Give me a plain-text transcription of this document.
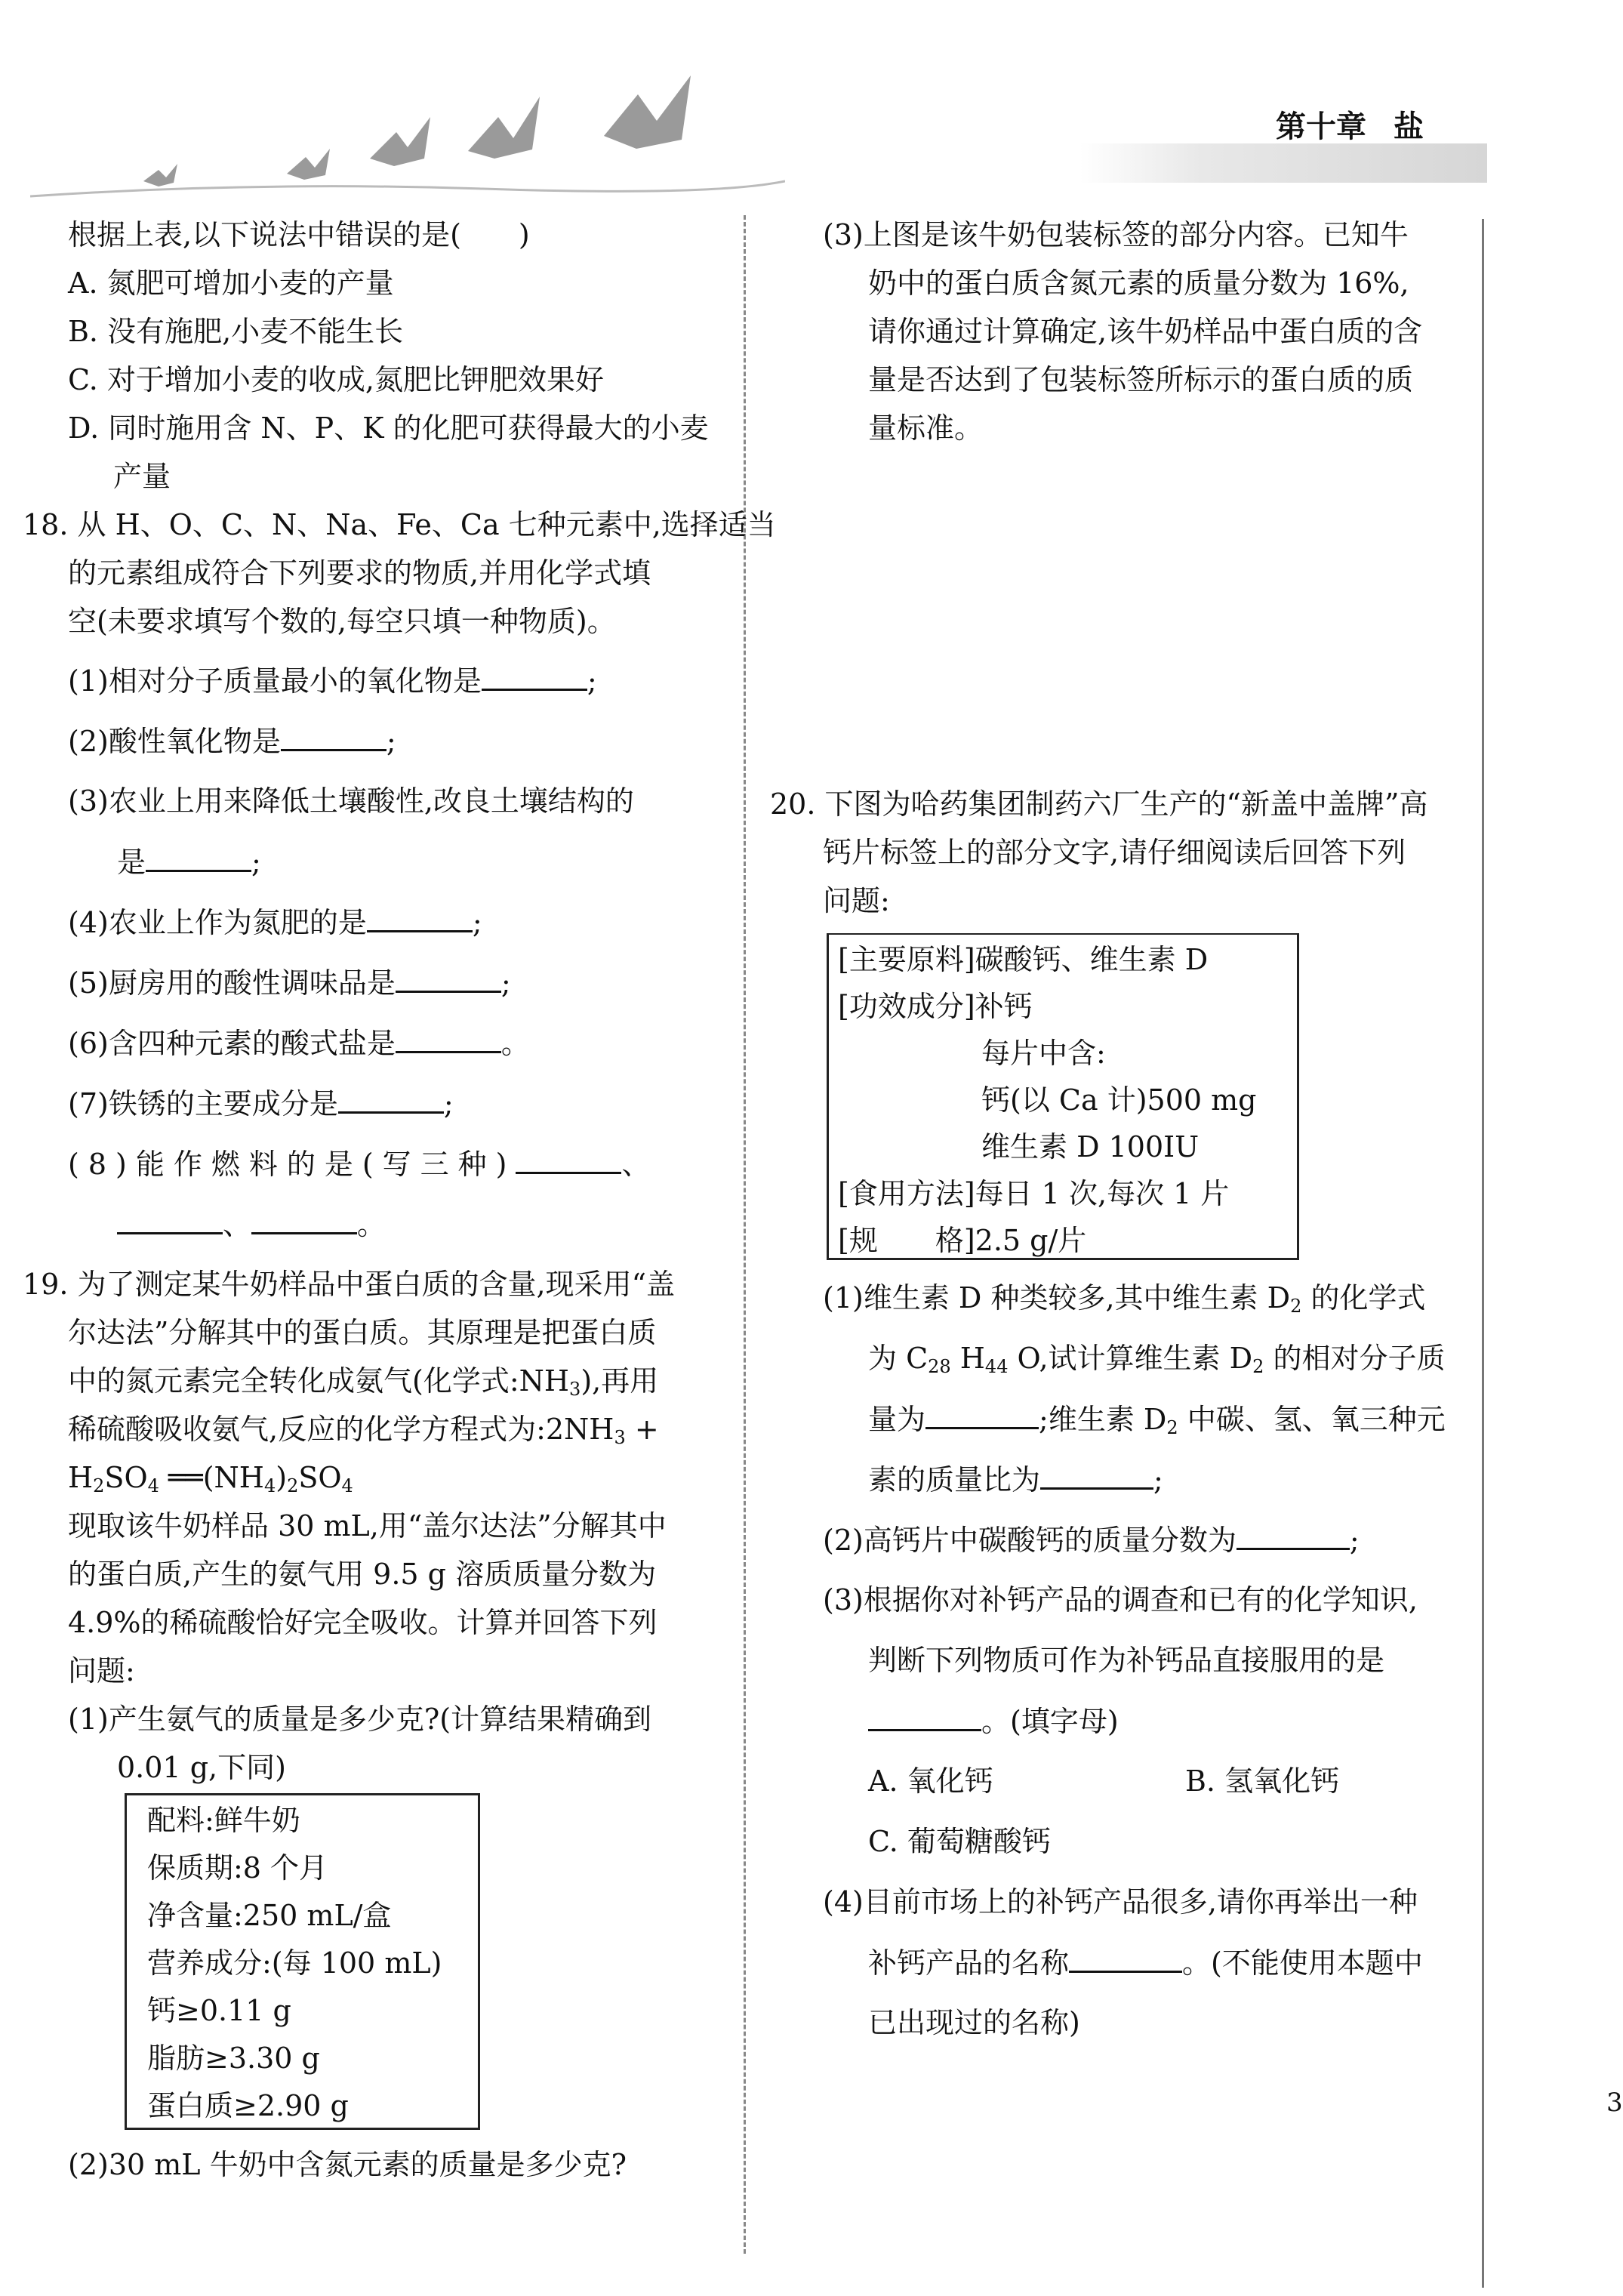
第十章 盐
根据上表,以下说法中错误的是(　　)
A. 氮肥可增加小麦的产量
B. 没有施肥,小麦不能生长
C. 对于增加小麦的收成,氮肥比钾肥效果好
D. 同时施用含 N、P、K 的化肥可获得最大的小麦
产量
18. 从 H、O、C、N、Na、Fe、Ca 七种元素中,选择适当
的元素组成符合下列要求的物质,并用化学式填
空(未要求填写个数的,每空只填一种物质)。
(1)相对分子质量最小的氧化物是	;
(2)酸性氧化物是	;
(3)农业上用来降低土壤酸性,改良土壤结构的
是	;
(4)农业上作为氮肥的是	;
(5)厨房用的酸性调味品是	;
(6)含四种元素的酸式盐是	。
(7)铁锈的主要成分是	;
(8)能作燃料的是(写三种)	、
、	。
19. 为了测定某牛奶样品中蛋白质的含量,现采用“盖
尔达法”分解其中的蛋白质。其原理是把蛋白质
中的氮元素完全转化成氨气(化学式$:NH_3$),再用
稀硫酸吸收氨气,反应的化学方程式为$:2NH_3$ +
$H_2SO_4$ $══(NH_4)_2SO_4$
现取该牛奶样品 30 mL,用“盖尔达法”分解其中
的蛋白质,产生的氨气用 9.5 g 溶质质量分数为
4.9%的稀硫酸恰好完全吸收。计算并回答下列
问题:
(1)产生氨气的质量是多少克?(计算结果精确到
0.01 g,下同)
配料:鲜牛奶
保质期:8 个月
净含量:250 mL/盒
营养成分:(每 100 mL)
钙≥0.11 g
脂肪≥3.30 g
蛋白质≥2.90 g
(2)30 mL 牛奶中含氮元素的质量是多少克?
(3)上图是该牛奶包装标签的部分内容。已知牛
奶中的蛋白质含氮元素的质量分数为 16%,
请你通过计算确定,该牛奶样品中蛋白质的含
量是否达到了包装标签所标示的蛋白质的质
量标准。
20. 下图为哈药集团制药六厂生产的“新盖中盖牌”高
钙片标签上的部分文字,请仔细阅读后回答下列
问题:
[主要原料]碳酸钙、维生素 D
[功效成分]补钙
每片中含:
钙(以 Ca 计)500 mg
维生素 D 100IU
[食用方法]每日 1 次,每次 1 片
[规　　格]2.5 g/片
(1)维生素 D 种类较多,其中维生素 $D_2$ 的化学式
为 $C_{28}$ $H_{44}$ O,试计算维生素 $D_2$ 的相对分子质
量为	;维生素 $D_2$ 中碳、氢、氧三种元
素的质量比为	;
(2)高钙片中碳酸钙的质量分数为	;
(3)根据你对补钙产品的调查和已有的化学知识,
判断下列物质可作为补钙品直接服用的是
。(填字母)
A. 氧化钙	B. 氢氧化钙
C. 葡萄糖酸钙
(4)目前市场上的补钙产品很多,请你再举出一种
补钙产品的名称	。(不能使用本题中
已出现过的名称)
3
